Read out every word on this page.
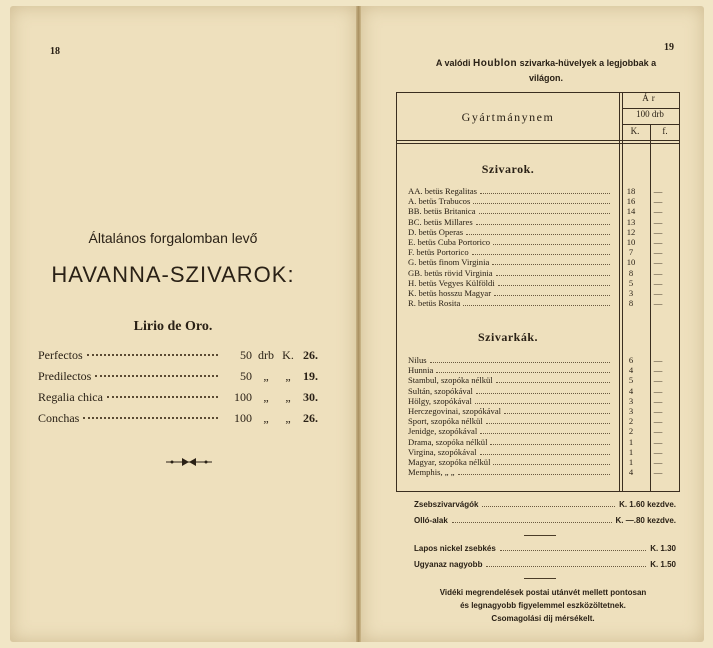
18
Általános forgalomban levő
HAVANNA-SZIVAROK:
Lirio de Oro.
Perfectos	50 drb K. 26.
Predilectos	50 „	„	19.
Regalia chica	100 „	„	30.
Conchas	100 „	„	26.
19
A valódi Houblon szivarka-hüvelyek a legjobbak a
világon.
Gyártmánynem
Ár
100 drb
K.	f.
Szivarok.
Szivarkák.
AA. betüs Regalitas	18	—
A. betüs Trabucos	16	—
BB. betüs Britanica	14	—
BC. betüs Millares	13	—
D. betüs Operas	12	—
E. betüs Cuba Portorico	10	—
F. betüs Portorico	7	—
G. betüs finom Virginia	10	—
GB. betüs rövid Virginia	8	—
H. betüs Vegyes Külföldi	5	—
K. betüs hosszu Magyar	3	—
R. betüs Rosita	8	—
Nilus	6	—
Hunnia	4	—
Stambul, szopóka nélkül	5	—
Sultán, szopókával	4	—
Hölgy, szopókával	3	—
Herczegovinai, szopókával	3	—
Sport, szopóka nélkül	2	—
Jenidge, szopókával	2	—
Drama, szopóka nélkül	1	—
Virgina, szopókával	1	—
Magyar, szopóka nélkül	1	—
Memphis, „ „	4	—
Zsebszivarvágók	K. 1.60 kezdve.
Olló-alak	K. —.80 kezdve.
Lapos nickel zsebkés	K. 1.30
Ugyanaz nagyobb	K. 1.50
Vidéki megrendelések postai utánvét mellett pontosan
és legnagyobb figyelemmel eszközöltetnek.
Csomagolási dij mérsékelt.
